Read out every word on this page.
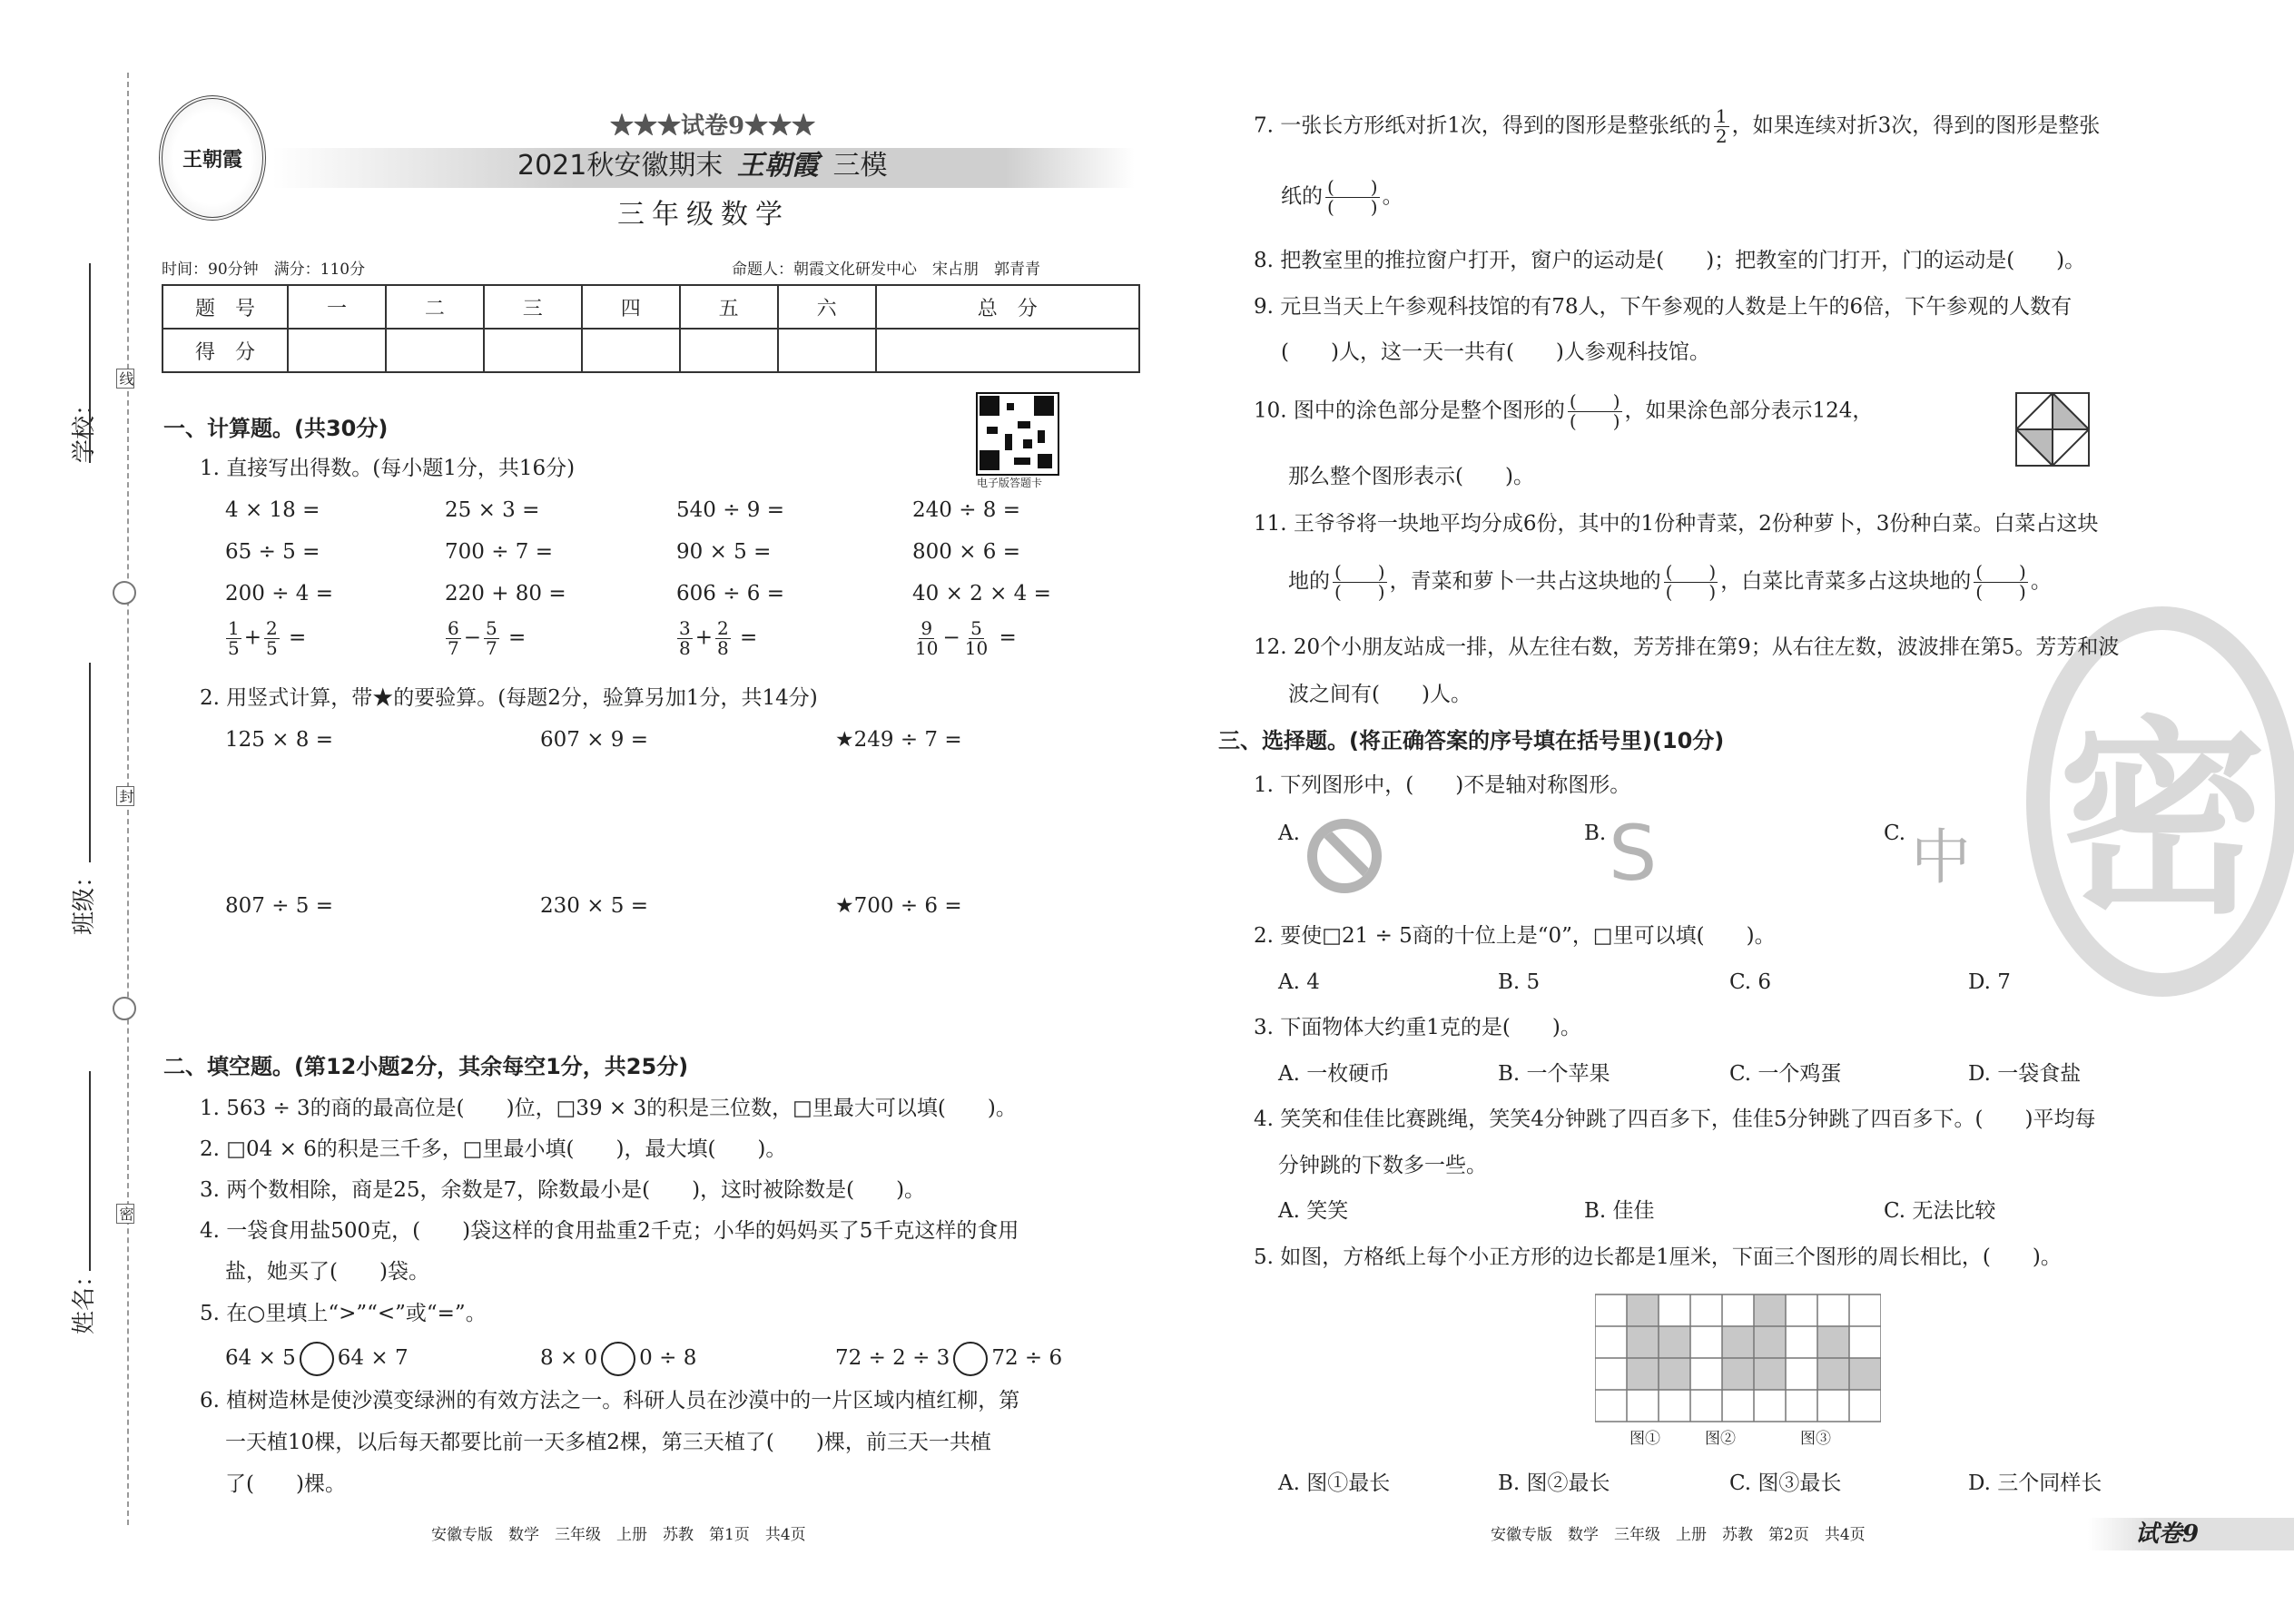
线
封
密
学校：
班级：
姓名：
王朝霞
★★★试卷9★★★
2021秋安徽期末 王朝霞 三模
三年级数学
时间：90分钟　满分：110分	命题人：朝霞文化研发中心　宋占朋　郭青青
题　号	一	二	三	四	五	六	总　分
得　分							
电子版答题卡
一、计算题。(共30分)
1. 直接写出得数。(每小题1分，共16分)
4 × 18 =	25 × 3 =	540 ÷ 9 =	240 ÷ 8 =
65 ÷ 5 =	700 ÷ 7 =	90 × 5 =	800 × 6 =
200 ÷ 4 =	220 + 80 =	606 ÷ 6 =	40 × 2 × 4 =
$\frac{1}{5} + \frac{2}{5}$ =	$\frac{6}{7} - \frac{5}{7}$ =	$\frac{3}{8} + \frac{2}{8}$ =	$\frac{9}{10} - \frac{5}{10}$ =
2. 用竖式计算，带★的要验算。(每题2分，验算另加1分，共14分)
125 × 8 =	607 × 9 =	★249 ÷ 7 =
807 ÷ 5 =	230 × 5 =	★700 ÷ 6 =
二、填空题。(第12小题2分，其余每空1分，共25分)
1. 563 ÷ 3的商的最高位是(　　)位，□39 × 3的积是三位数，□里最大可以填(　　)。
2. □04 × 6的积是三千多，□里最小填(　　)，最大填(　　)。
3. 两个数相除，商是25，余数是7，除数最小是(　　)，这时被除数是(　　)。
4. 一袋食用盐500克，(　　)袋这样的食用盐重2千克；小华的妈妈买了5千克这样的食用
盐，她买了(　　)袋。
5. 在○里填上“>”“<”或“=”。
64 × 5 64 × 7	8 × 0 0 ÷ 8	72 ÷ 2 ÷ 3 72 ÷ 6
6. 植树造林是使沙漠变绿洲的有效方法之一。科研人员在沙漠中的一片区域内植红柳，第
一天植10棵，以后每天都要比前一天多植2棵，第三天植了(　　)棵，前三天一共植
了(　　)棵。
安徽专版　数学　三年级　上册　苏教　第1页　共4页
密
7. 一张长方形纸对折1次，得到的图形是整张纸的 $\frac{1}{2}$ ，如果连续对折3次，得到的图形是整张
纸的 $\frac{( )}{( )}$ 。
8. 把教室里的推拉窗户打开，窗户的运动是(　　)；把教室的门打开，门的运动是(　　)。
9. 元旦当天上午参观科技馆的有78人，下午参观的人数是上午的6倍，下午参观的人数有
(　　)人，这一天一共有(　　)人参观科技馆。
10. 图中的涂色部分是整个图形的 $\frac{( )}{( )}$ ，如果涂色部分表示124，
那么整个图形表示(　　)。
11. 王爷爷将一块地平均分成6份，其中的1份种青菜，2份种萝卜，3份种白菜。白菜占这块
地的 $\frac{( )}{( )}$ ，青菜和萝卜一共占这块地的 $\frac{( )}{( )}$ ，白菜比青菜多占这块地的 $\frac{( )}{( )}$ 。
12. 20个小朋友站成一排，从左往右数，芳芳排在第9；从右往左数，波波排在第5。芳芳和波
波之间有(　　)人。
三、选择题。(将正确答案的序号填在括号里)(10分)
1. 下列图形中，(　　)不是轴对称图形。
A.	B. S	C. 中
2. 要使□21 ÷ 5商的十位上是“0”，□里可以填(　　)。
A. 4	B. 5	C. 6	D. 7
3. 下面物体大约重1克的是(　　)。
A. 一枚硬币	B. 一个苹果	C. 一个鸡蛋	D. 一袋食盐
4. 笑笑和佳佳比赛跳绳，笑笑4分钟跳了四百多下，佳佳5分钟跳了四百多下。(　　)平均每
分钟跳的下数多一些。
A. 笑笑	B. 佳佳	C. 无法比较
5. 如图，方格纸上每个小正方形的边长都是1厘米，下面三个图形的周长相比，(　　)。
图①	图②	图③
A. 图①最长	B. 图②最长	C. 图③最长	D. 三个同样长
安徽专版　数学　三年级　上册　苏教　第2页　共4页	试卷9
